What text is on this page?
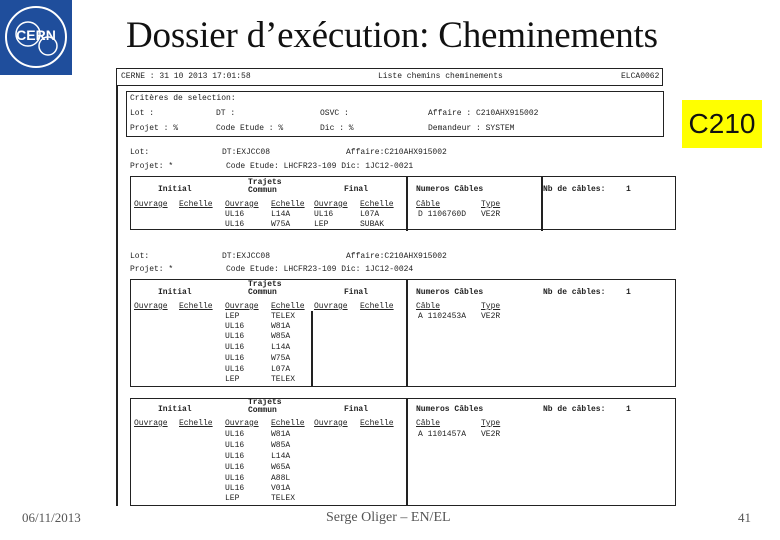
CERN Dossier d’exécution: Cheminements
C210
CERNE : 31 10 2013 17:01:58	Liste chemins cheminements	ELCA0062
Critères de selection:
Lot :	DT :	OSVC :	Affaire : C210AHX915002
Projet : %	Code Etude : %	Dic : %	Demandeur : SYSTEM
Lot:	DT:EXJCC08	Affaire:C210AHX915002
Projet: *	Code Etude: LHCFR23-109 Dic: 1JC12-0021
Initial
Trajets
Commun	Final	Numeros Câbles	Nb de câbles:	1
Ouvrage Echelle Ouvrage Echelle Ouvrage Echelle	Câble	Type
UL16	L14A	UL16	L07A	D 1106760D VE2R
UL16	W75A	LEP	SUBAK
Lot:	DT:EXJCC08	Affaire:C210AHX915002
Projet: *	Code Etude: LHCFR23-109 Dic: 1JC12-0024
Initial
Trajets
Commun	Final	Numeros Câbles	Nb de câbles:	1
Ouvrage Echelle Ouvrage Echelle Ouvrage Echelle	Câble	Type
A 1102453A VE2R
LEP	TELEX
UL16	W81A
UL16	W85A
UL16	L14A
UL16	W75A
UL16	L07A
LEP	TELEX
Initial
Trajets
Commun	Final	Numeros Câbles	Nb de câbles:	1
Ouvrage Echelle Ouvrage Echelle Ouvrage Echelle	Câble	Type
A 1101457A VE2R
UL16	W81A
UL16	W85A
UL16	L14A
UL16	W65A
UL16	A88L
UL16	V01A
LEP	TELEX
06/11/2013	Serge Oliger – EN/EL	41
